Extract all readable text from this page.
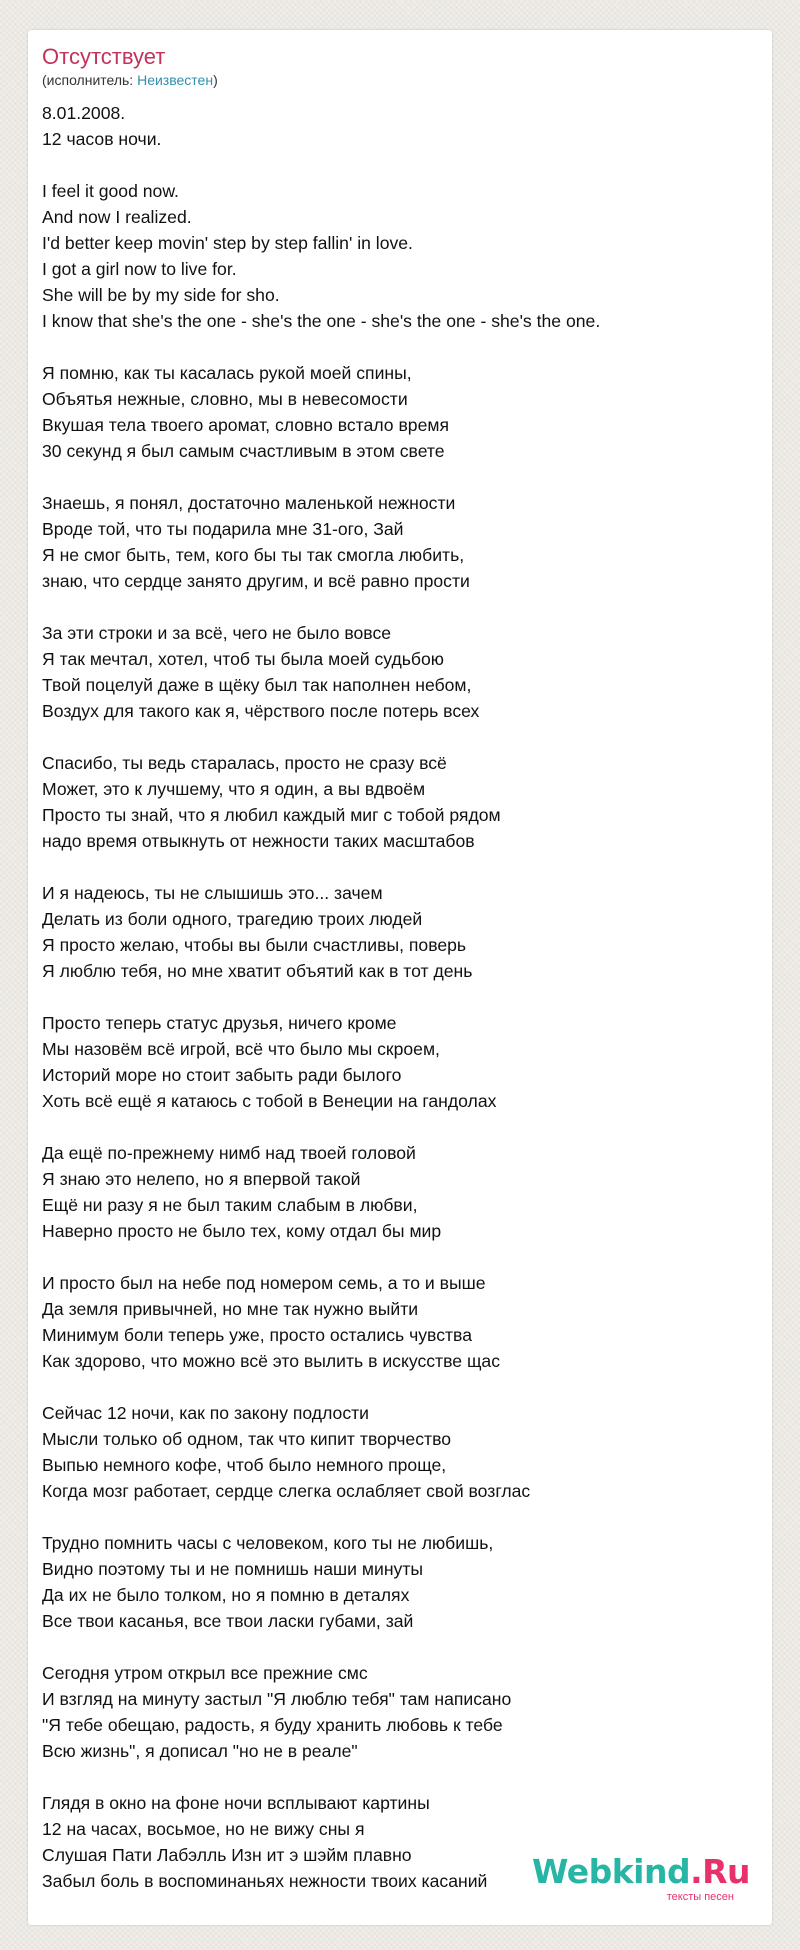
Отсутствует
(исполнитель: Неизвестен)
8.01.2008.
12 часов ночи.
I feel it good now.
And now I realized.
I'd better keep movin' step by step fallin' in love.
I got a girl now to live for.
She will be by my side for sho.
I know that she's the one - she's the one - she's the one - she's the one.
Я помню, как ты касалась рукой моей спины,
Объятья нежные, словно, мы в невесомости
Вкушая тела твоего аромат, словно встало время
30 секунд я был самым счастливым в этом свете
Знаешь, я понял, достаточно маленькой нежности
Вроде той, что ты подарила мне 31-ого, Зай
Я не смог быть, тем, кого бы ты так смогла любить,
знаю, что сердце занято другим, и всё равно прости
За эти строки и за всё, чего не было вовсе
Я так мечтал, хотел, чтоб ты была моей судьбою
Твой поцелуй даже в щёку был так наполнен небом,
Воздух для такого как я, чёрствого после потерь всех
Спасибо, ты ведь старалась, просто не сразу всё
Может, это к лучшему, что я один, а вы вдвоём
Просто ты знай, что я любил каждый миг с тобой рядом
надо время отвыкнуть от нежности таких масштабов
И я надеюсь, ты не слышишь это... зачем
Делать из боли одного, трагедию троих людей
Я просто желаю, чтобы вы были счастливы, поверь
Я люблю тебя, но мне хватит объятий как в тот день
Просто теперь статус друзья, ничего кроме
Мы назовём всё игрой, всё что было мы скроем,
Историй море но стоит забыть ради былого
Хоть всё ещё я катаюсь с тобой в Венеции на гандолах
Да ещё по-прежнему нимб над твоей головой
Я знаю это нелепо, но я впервой такой
Ещё ни разу я не был таким слабым в любви,
Наверно просто не было тех, кому отдал бы мир
И просто был на небе под номером семь, а то и выше
Да земля привычней, но мне так нужно выйти
Минимум боли теперь уже, просто остались чувства
Как здорово, что можно всё это вылить в искусстве щас
Сейчас 12 ночи, как по закону подлости
Мысли только об одном, так что кипит творчество
Выпью немного кофе, чтоб было немного проще,
Когда мозг работает, сердце слегка ослабляет свой возглас
Трудно помнить часы с человеком, кого ты не любишь,
Видно поэтому ты и не помнишь наши минуты
Да их не было толком, но я помню в деталях
Все твои касанья, все твои ласки губами, зай
Сегодня утром открыл все прежние смс
И взгляд на минуту застыл "Я люблю тебя" там написано
"Я тебе обещаю, радость, я буду хранить любовь к тебе
Всю жизнь", я дописал "но не в реале"
Глядя в окно на фоне ночи всплывают картины
12 на часах, восьмое, но не вижу сны я
Слушая Пати Лабэлль Изн ит э шэйм плавно
Забыл боль в воспоминаньях нежности твоих касаний	Webkind.Ru
тексты песен
